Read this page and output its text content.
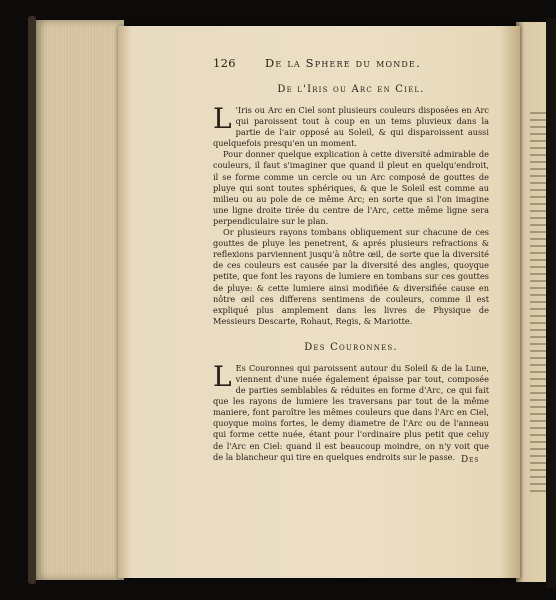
126	De la Sphere du monde.
De l'Iris ou Arc en Ciel.

L 'Iris ou Arc en Ciel sont plusieurs couleurs disposées en Arc qui paroissent tout à coup en un tems pluvieux dans la partie de l'air opposé au Soleil, & qui disparoissent aussi quelquefois presqu'en un moment.

Pour donner quelque explication à cette diversité admirable de couleurs, il faut s'imaginer que quand il pleut en quelqu'endroit, il se forme comme un cercle ou un Arc composé de gouttes de pluye qui sont toutes sphériques, & que le Soleil est comme au milieu ou au pole de ce même Arc; en sorte que si l'on imagine une ligne droite tirée du centre de l'Arc, cette même ligne sera perpendiculaire sur le plan.

Or plusieurs rayons tombans obliquement sur chacune de ces gouttes de pluye les penetrent, & aprés plusieurs refractions & reflexions parviennent jusqu'à nôtre œil, de sorte que la diversité de ces couleurs est causée par la diversité des angles, quoyque petite, que font les rayons de lumiere en tombans sur ces gouttes de pluye: & cette lumiere ainsi modifiée & diversifiée cause en nôtre œil ces differens sentimens de couleurs, comme il est expliqué plus amplement dans les livres de Physique de Messieurs Descarte, Rohaut, Regis, & Mariotte.

Des Couronnes.

L Es Couronnes qui paroissent autour du Soleil & de la Lune, viennent d'une nuée également épaisse par tout, composée de parties semblables & réduites en forme d'Arc, ce qui fait que les rayons de lumiere les traversans par tout de la même maniere, font paroître les mêmes couleurs que dans l'Arc en Ciel, quoyque moins fortes, le demy diametre de l'Arc ou de l'anneau qui forme cette nuée, étant pour l'ordinaire plus petit que celuy de l'Arc en Ciel: quand il est beaucoup moindre, on n'y voit que de la blancheur qui tire en quelques endroits sur le passe. Des
